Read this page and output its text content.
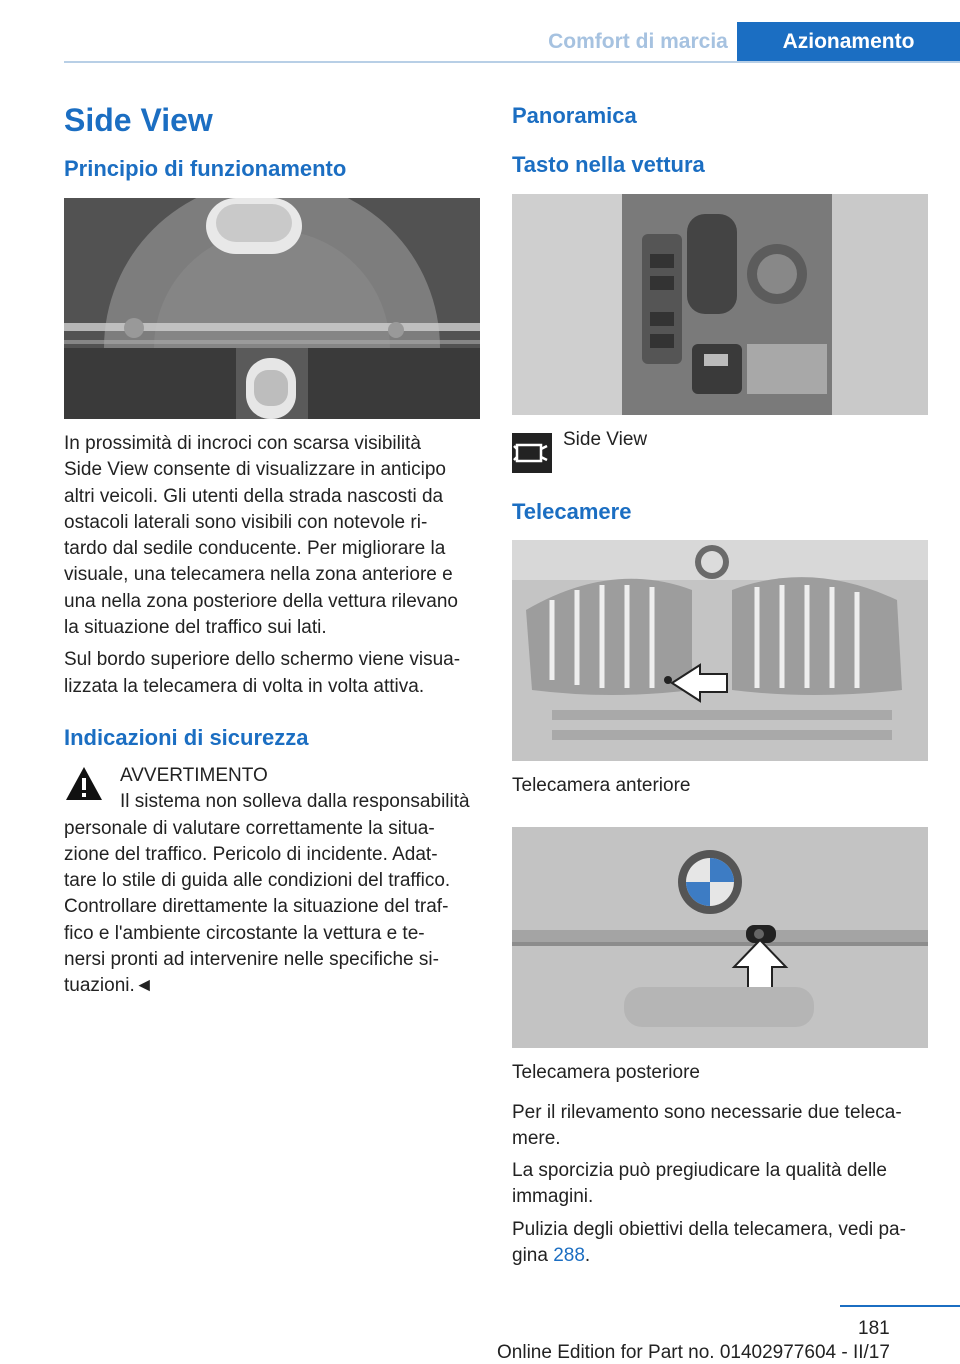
Comfort di marcia	Azionamento
Side View
Principio di funzionamento

In prossimità di incroci con scarsa visibilità

Side View consente di visualizzare in anticipo

altri veicoli. Gli utenti della strada nascosti da

ostacoli laterali sono visibili con notevole ri‐

tardo dal sedile conducente. Per migliorare la

visuale, una telecamera nella zona anteriore e

una nella zona posteriore della vettura rilevano

la situazione del traffico sui lati.

Sul bordo superiore dello schermo viene visua‐

lizzata la telecamera di volta in volta attiva.

Indicazioni di sicurezza

AVVERTIMENTO

Il sistema non solleva dalla responsabilità

personale di valutare correttamente la situa‐

zione del traffico. Pericolo di incidente. Adat‐

tare lo stile di guida alle condizioni del traffico.

Controllare direttamente la situazione del traf‐

fico e l'ambiente circostante la vettura e te‐

nersi pronti ad intervenire nelle specifiche si‐

tuazioni.◄

Panoramica
Tasto nella vettura

Side View

Telecamere

Telecamera anteriore

Telecamera posteriore

Per il rilevamento sono necessarie due teleca‐

mere.

La sporcizia può pregiudicare la qualità delle

immagini.

Pulizia degli obiettivi della telecamera, vedi pa‐

gina 288.

181
Online Edition for Part no. 01402977604 - II/17
